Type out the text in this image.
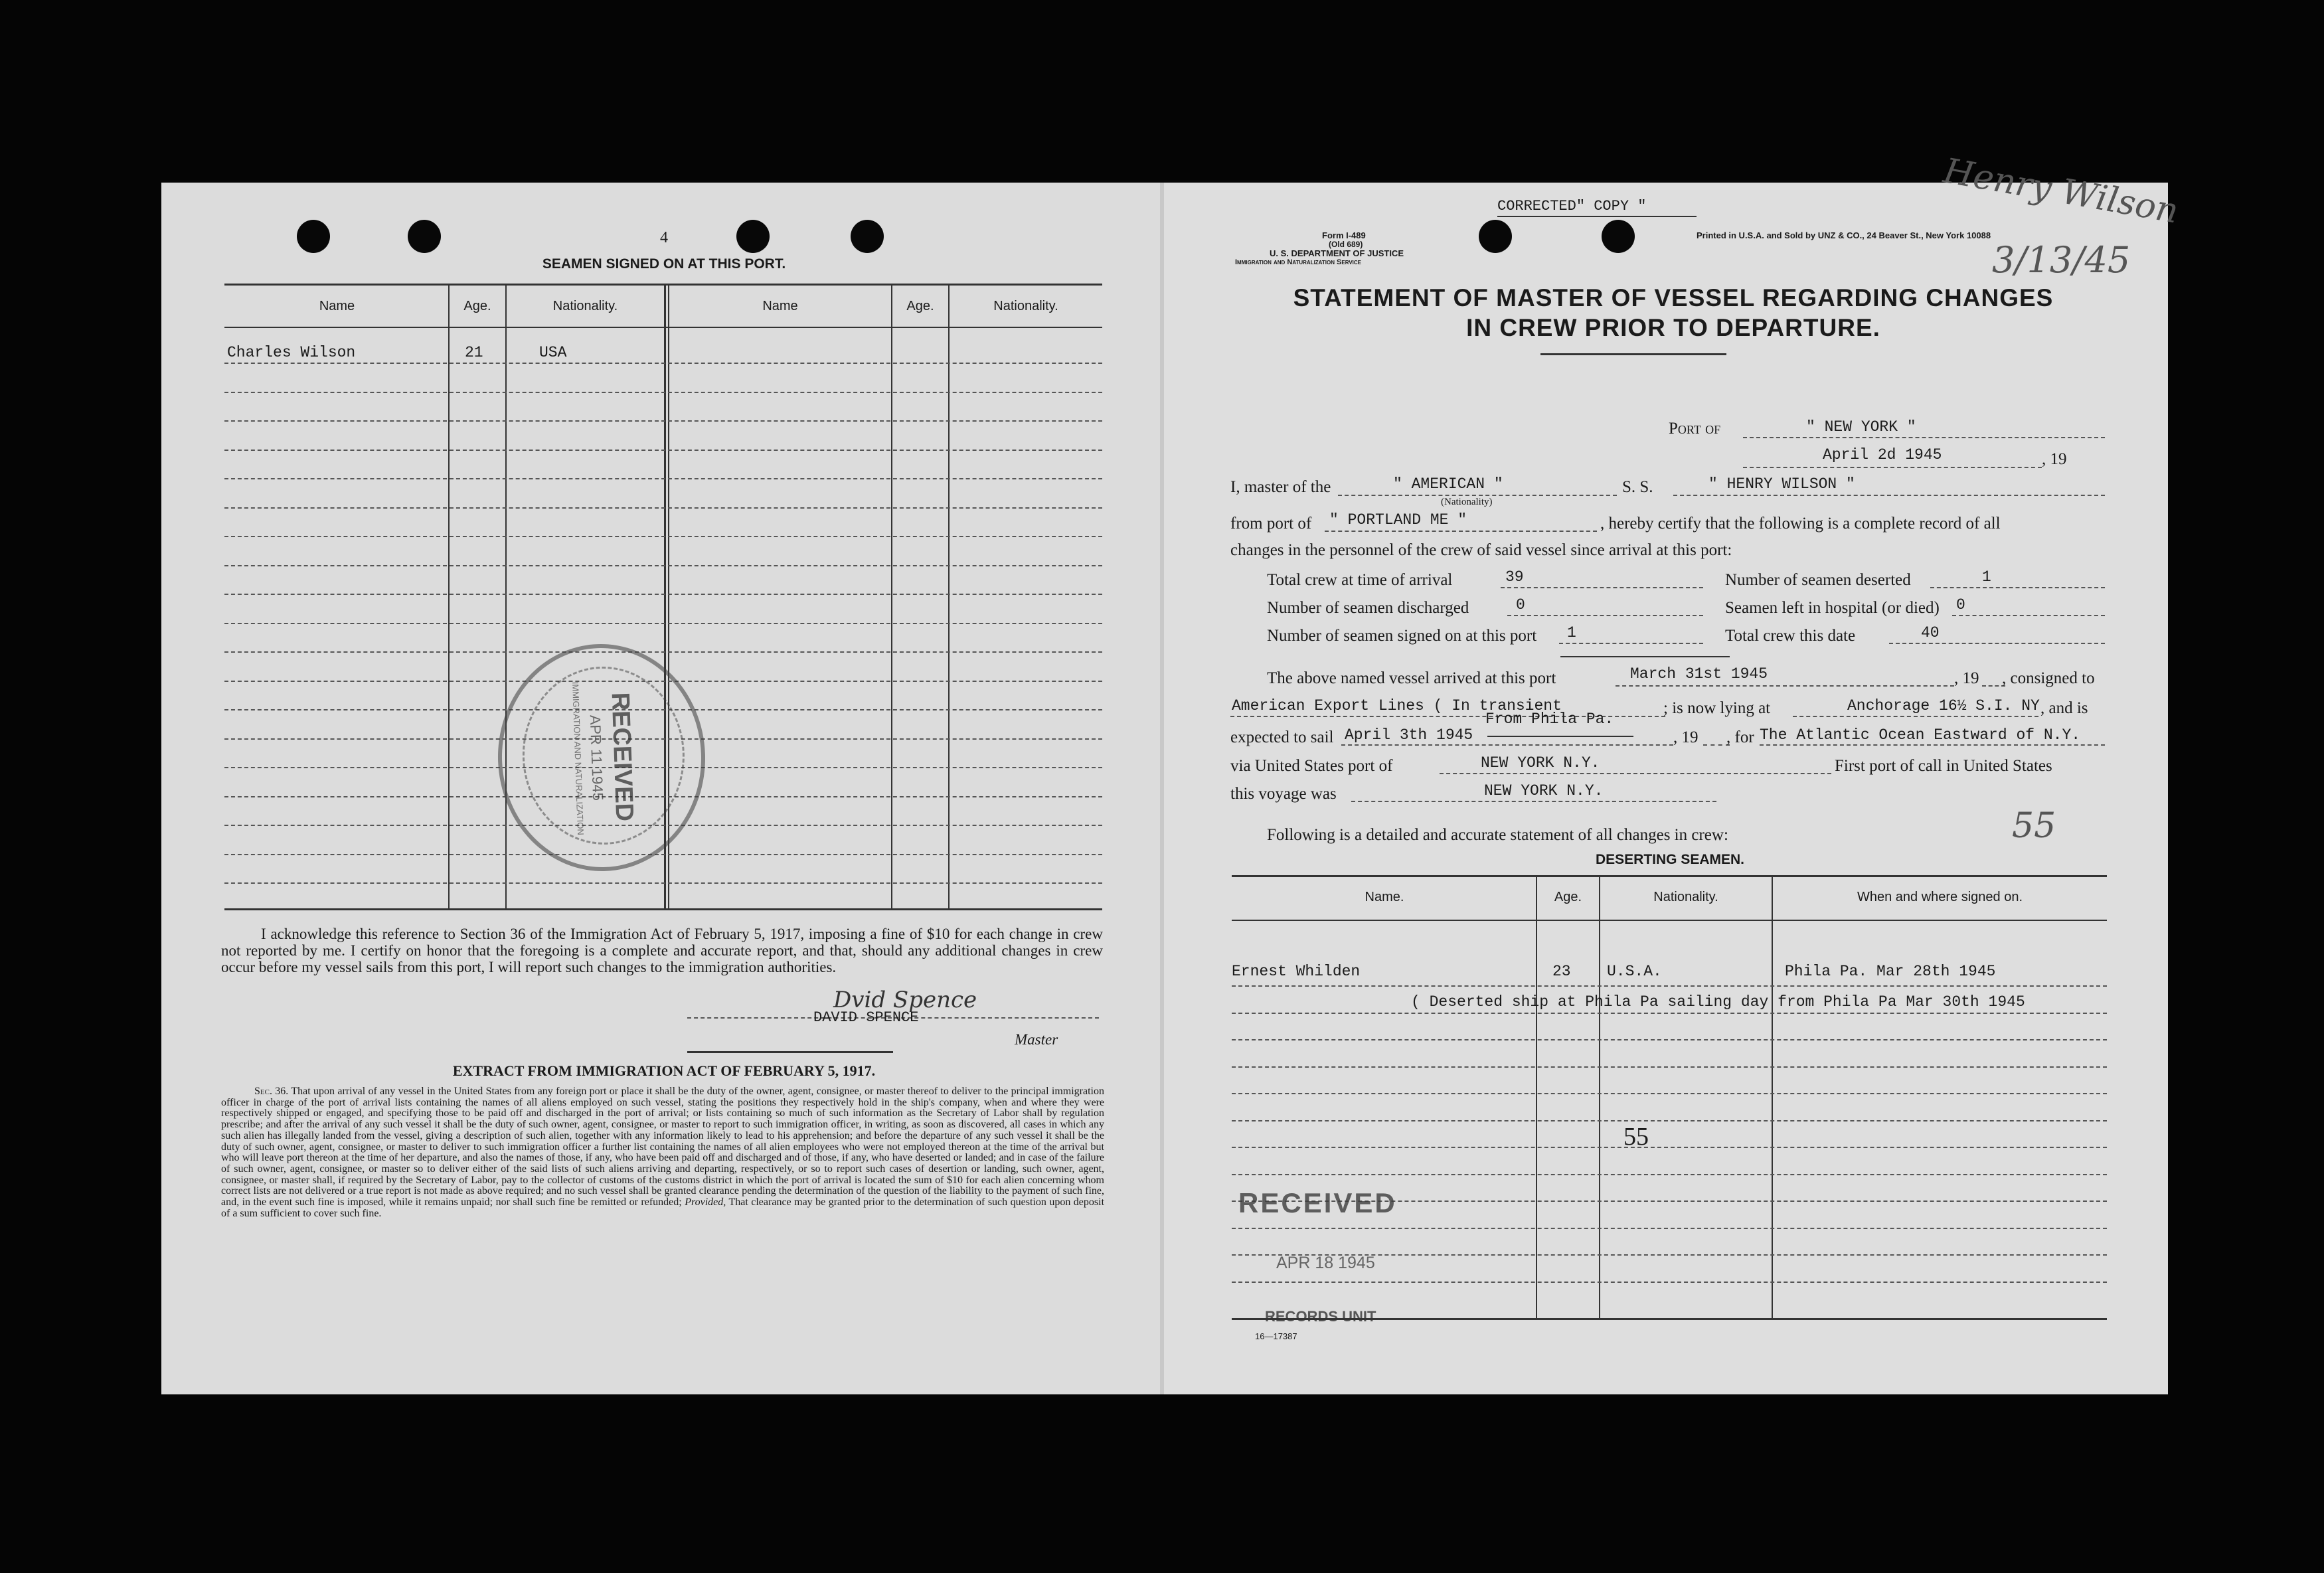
4
SEAMEN SIGNED ON AT THIS PORT.
Name	Age.	Nationality.	Name	Age.	Nationality.
Charles Wilson	21	USA
RECEIVED
APR 11 1945
IMMIGRATION AND NATURALIZATION
I acknowledge this reference to Section 36 of the Immigration Act of February 5, 1917, imposing a fine of $10 for each change in crew not reported by me. I certify on honor that the foregoing is a complete and accurate report, and that, should any additional changes in crew occur before my vessel sails from this port, I will report such changes to the immigration authorities.
Dvid Spence
DAVID SPENCE
Master
EXTRACT FROM IMMIGRATION ACT OF FEBRUARY 5, 1917.
Sec. 36. That upon arrival of any vessel in the United States from any foreign port or place it shall be the duty of the owner, agent, consignee, or master thereof to deliver to the principal immigration officer in charge of the port of arrival lists containing the names of all aliens employed on such vessel, stating the positions they respectively hold in the ship's company, when and where they were respectively shipped or engaged, and specifying those to be paid off and discharged in the port of arrival; or lists containing so much of such information as the Secretary of Labor shall by regulation prescribe; and after the arrival of any such vessel it shall be the duty of such owner, agent, consignee, or master to report to such immigration officer, in writing, as soon as discovered, all cases in which any such alien has illegally landed from the vessel, giving a description of such alien, together with any information likely to lead to his apprehension; and before the departure of any such vessel it shall be the duty of such owner, agent, consignee, or master to deliver to such immigration officer a further list containing the names of all alien employees who were not employed thereon at the time of the arrival but who will leave port thereon at the time of her departure, and also the names of those, if any, who have been paid off and discharged and of those, if any, who have deserted or landed; and in case of the failure of such owner, agent, consignee, or master so to deliver either of the said lists of such aliens arriving and departing, respectively, or so to report such cases of desertion or landing, such owner, agent, consignee, or master shall, if required by the Secretary of Labor, pay to the collector of customs of the customs district in which the port of arrival is located the sum of $10 for each alien concerning whom correct lists are not delivered or a true report is not made as above required; and no such vessel shall be granted clearance pending the determination of the question of the liability to the payment of such fine, and, in the event such fine is imposed, while it remains unpaid; nor shall such fine be remitted or refunded; Provided, That clearance may be granted prior to the determination of such question upon deposit of a sum sufficient to cover such fine.
CORRECTED" COPY "
Form I-489
(Old 689)
U. S. DEPARTMENT OF JUSTICE
Immigration and Naturalization Service
Printed in U.S.A. and Sold by UNZ & CO., 24 Beaver St., New York 10088
Henry Wilson
3/13/45
STATEMENT OF MASTER OF VESSEL REGARDING CHANGES
IN CREW PRIOR TO DEPARTURE.
Port of	" NEW YORK "
April 2d 1945	, 19
I, master of the	" AMERICAN "
(Nationality)
S. S.	" HENRY WILSON "
from port of " PORTLAND ME "	, hereby certify that the following is a complete record of all
changes in the personnel of the crew of said vessel since arrival at this port:
Total crew at time of arrival	39	Number of seamen deserted	1
Number of seamen discharged	0	Seamen left in hospital (or died) 0
Number of seamen signed on at this port 1	Total crew this date	40
The above named vessel arrived at this port	March 31st 1945	, 19 , consigned to
American Export Lines ( In transient	; is now lying at	Anchorage 16½ S.I. NY , and is
From Phila Pa.
expected to sail April 3th 1945	, 19 , for The Atlantic Ocean Eastward of N.Y.
via United States port of	NEW YORK N.Y.	First port of call in United States
this voyage was	NEW YORK N.Y.
Following is a detailed and accurate statement of all changes in crew:	55
DESERTING SEAMEN.
Name.	Age.	Nationality.	When and where signed on.
Ernest Whilden	23 U.S.A.	Phila Pa. Mar 28th 1945
( Deserted ship at Phila Pa sailing day from Phila Pa Mar 30th 1945
55
RECEIVED
APR 18 1945
RECORDS UNIT
16—17387
